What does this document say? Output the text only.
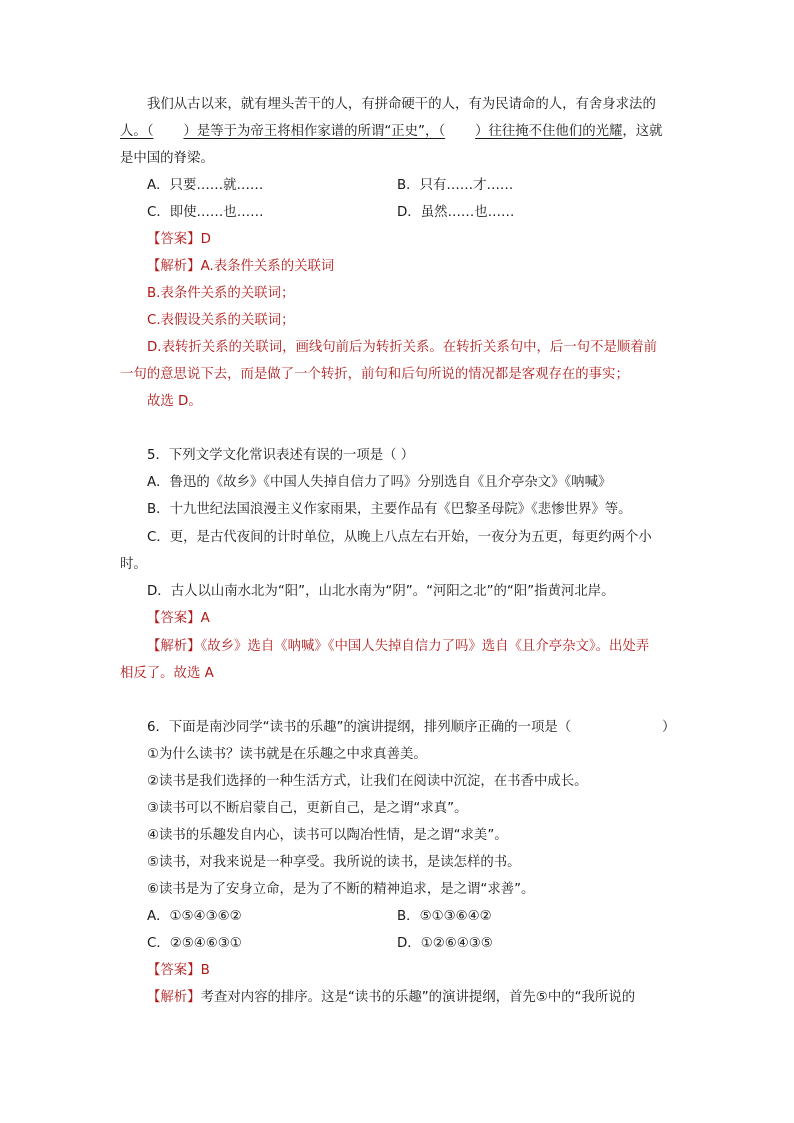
我们从古以来，就有埋头苦干的人，有拼命硬干的人，有为民请命的人，有舍身求法的
人。（ ）是等于为帝王将相作家谱的所谓“正史”，（ ）往往掩不住他们的光耀，这就
是中国的脊梁。
A．只要……就……	B．只有……才……
C．即使……也……	D．虽然……也……
【答案】D
【解析】A.表条件关系的关联词
B.表条件关系的关联词；
C.表假设关系的关联词；
D.表转折关系的关联词，画线句前后为转折关系。在转折关系句中，后一句不是顺着前
一句的意思说下去，而是做了一个转折，前句和后句所说的情况都是客观存在的事实；
故选 D。
5．下列文学文化常识表述有误的一项是（ ）
A．鲁迅的《故乡》《中国人失掉自信力了吗》分别选自《且介亭杂文》《呐喊》
B．十九世纪法国浪漫主义作家雨果，主要作品有《巴黎圣母院》《悲惨世界》等。
C．更，是古代夜间的计时单位，从晚上八点左右开始，一夜分为五更，每更约两个小
时。
D．古人以山南水北为“阳”，山北水南为“阴”。“河阳之北”的“阳”指黄河北岸。
【答案】A
【解析】《故乡》选自《呐喊》《中国人失掉自信力了吗》选自《且介亭杂文》。出处弄
相反了。故选 A
6．下面是南沙同学“读书的乐趣”的演讲提纲，排列顺序正确的一项是（	）
①为什么读书？读书就是在乐趣之中求真善美。
②读书是我们选择的一种生活方式，让我们在阅读中沉淀，在书香中成长。
③读书可以不断启蒙自己，更新自己，是之谓“求真”。
④读书的乐趣发自内心，读书可以陶冶性情，是之谓“求美”。
⑤读书，对我来说是一种享受。我所说的读书，是读怎样的书。
⑥读书是为了安身立命，是为了不断的精神追求，是之谓“求善”。
A．①⑤④③⑥②	B．⑤①③⑥④②
C．②⑤④⑥③①	D．①②⑥④③⑤
【答案】B
【解析】考查对内容的排序。这是“读书的乐趣”的演讲提纲，首先⑤中的“我所说的
